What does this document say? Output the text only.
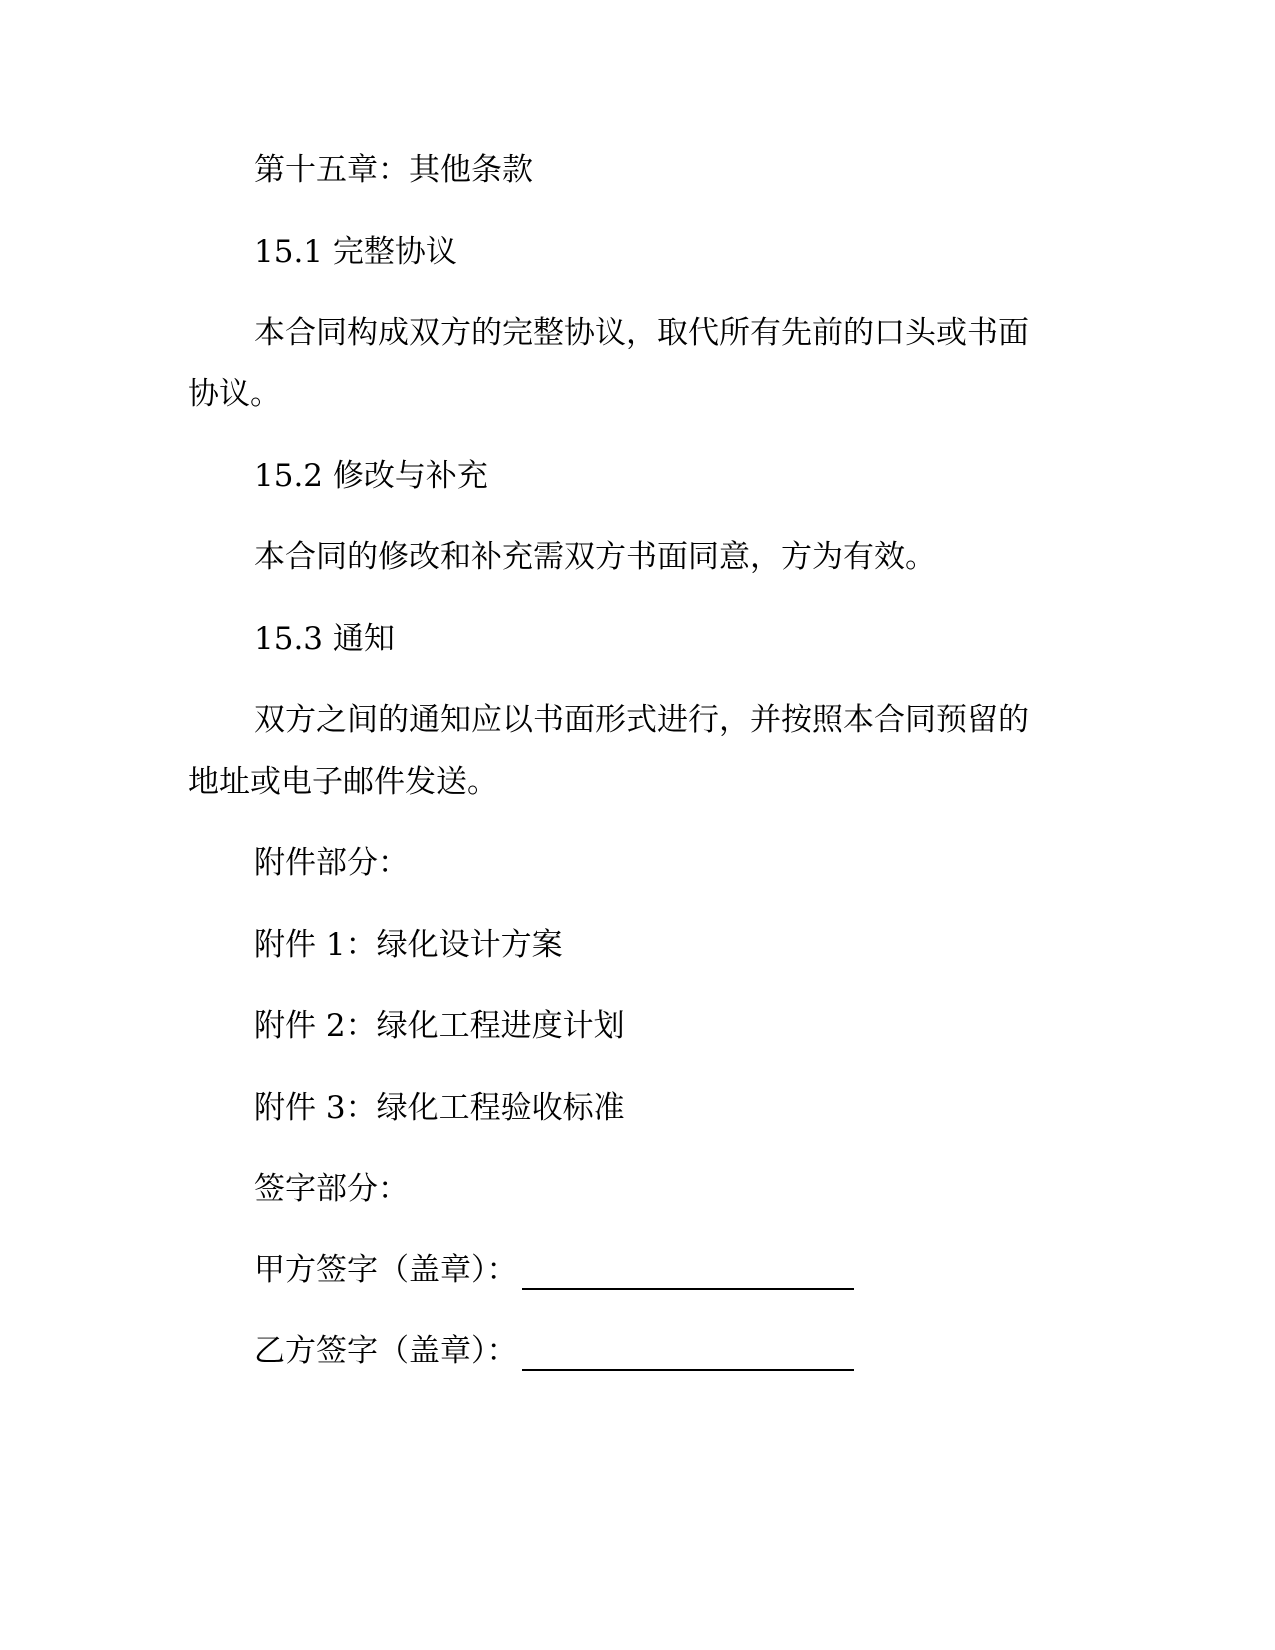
第十五章：其他条款
15.1 完整协议
本合同构成双方的完整协议，取代所有先前的口头或书面
协议。
15.2 修改与补充
本合同的修改和补充需双方书面同意，方为有效。
15.3 通知
双方之间的通知应以书面形式进行，并按照本合同预留的
地址或电子邮件发送。
附件部分：
附件 1：绿化设计方案
附件 2：绿化工程进度计划
附件 3：绿化工程验收标准
签字部分：
甲方签字（盖章）：
乙方签字（盖章）：
